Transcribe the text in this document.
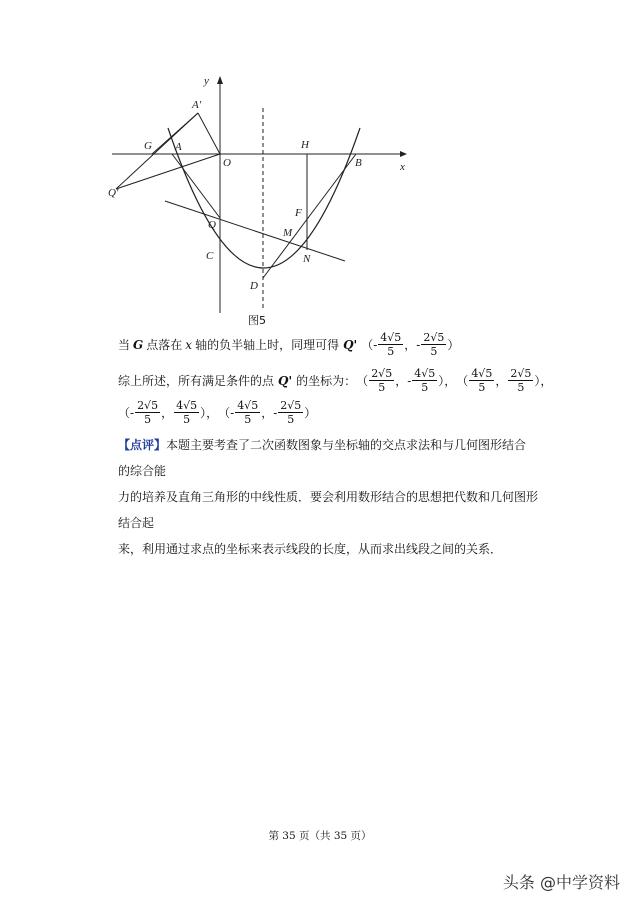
y
x
A'
G A
O
H
B
Q'
F
Q
M
C	N
D
图5
当 G 点落在 x 轴的负半轴上时，同理可得 Q' （- $\frac{4√5}{5}$ ，- $\frac{2√5}{5}$ ）
综上所述，所有满足条件的点 Q' 的坐标为： （ $\frac{2√5}{5}$ ，- $\frac{4√5}{5}$ ）， （ $\frac{4√5}{5}$ ， $\frac{2√5}{5}$ ），
（- $\frac{2√5}{5}$ ， $\frac{4√5}{5}$ ）， （- $\frac{4√5}{5}$ ，- $\frac{2√5}{5}$ ）
【点评】本题主要考查了二次函数图象与坐标轴的交点求法和与几何图形结合的综合能
力的培养及直角三角形的中线性质．要会利用数形结合的思想把代数和几何图形结合起
来，利用通过求点的坐标来表示线段的长度，从而求出线段之间的关系．
第 35 页（共 35 页）
头条 @中学资料
